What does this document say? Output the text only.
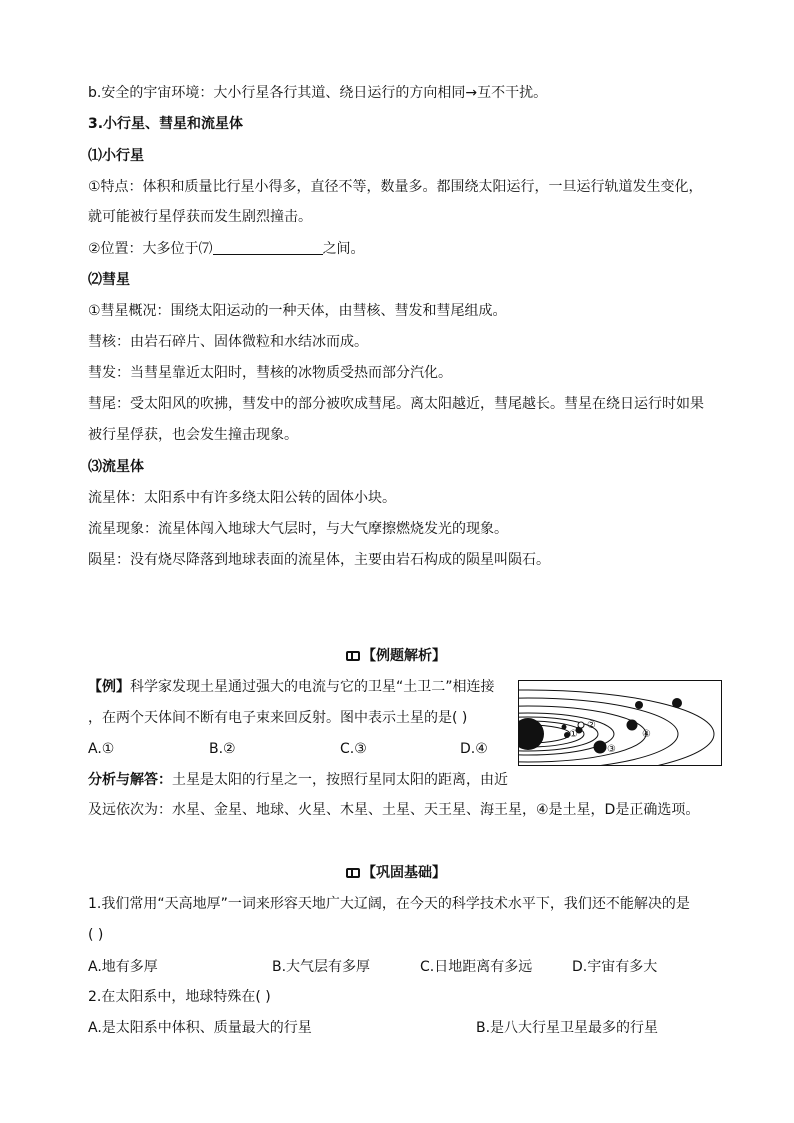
b.安全的宇宙环境：大小行星各行其道、绕日运行的方向相同→互不干扰。
3.小行星、彗星和流星体
⑴小行星
①特点：体积和质量比行星小得多，直径不等，数量多。都围绕太阳运行，一旦运行轨道发生变化，
就可能被行星俘获而发生剧烈撞击。
②位置：大多位于⑺	之间。
⑵彗星
①彗星概况：围绕太阳运动的一种天体，由彗核、彗发和彗尾组成。
彗核：由岩石碎片、固体微粒和水结冰而成。
彗发：当彗星靠近太阳时，彗核的冰物质受热而部分汽化。
彗尾：受太阳风的吹拂，彗发中的部分被吹成彗尾。离太阳越近，彗尾越长。彗星在绕日运行时如果
被行星俘获，也会发生撞击现象。
⑶流星体
流星体：太阳系中有许多绕太阳公转的固体小块。
流星现象：流星体闯入地球大气层时，与大气摩擦燃烧发光的现象。
陨星：没有烧尽降落到地球表面的流星体，主要由岩石构成的陨星叫陨石。
【例题解析】
【例】科学家发现土星通过强大的电流与它的卫星“土卫二”相连接
，在两个天体间不断有电子束来回反射。图中表示土星的是( )
A.①	B.②	C.③	D.④
①
②
③
④
分析与解答：土星是太阳的行星之一，按照行星同太阳的距离，由近
及远依次为：水星、金星、地球、火星、木星、土星、天王星、海王星，④是土星，D是正确选项。
【巩固基础】
1.我们常用“天高地厚”一词来形容天地广大辽阔，在今天的科学技术水平下，我们还不能解决的是
( )
A.地有多厚	B.大气层有多厚	C.日地距离有多远	D.宇宙有多大
2.在太阳系中，地球特殊在( )
A.是太阳系中体积、质量最大的行星	B.是八大行星卫星最多的行星
